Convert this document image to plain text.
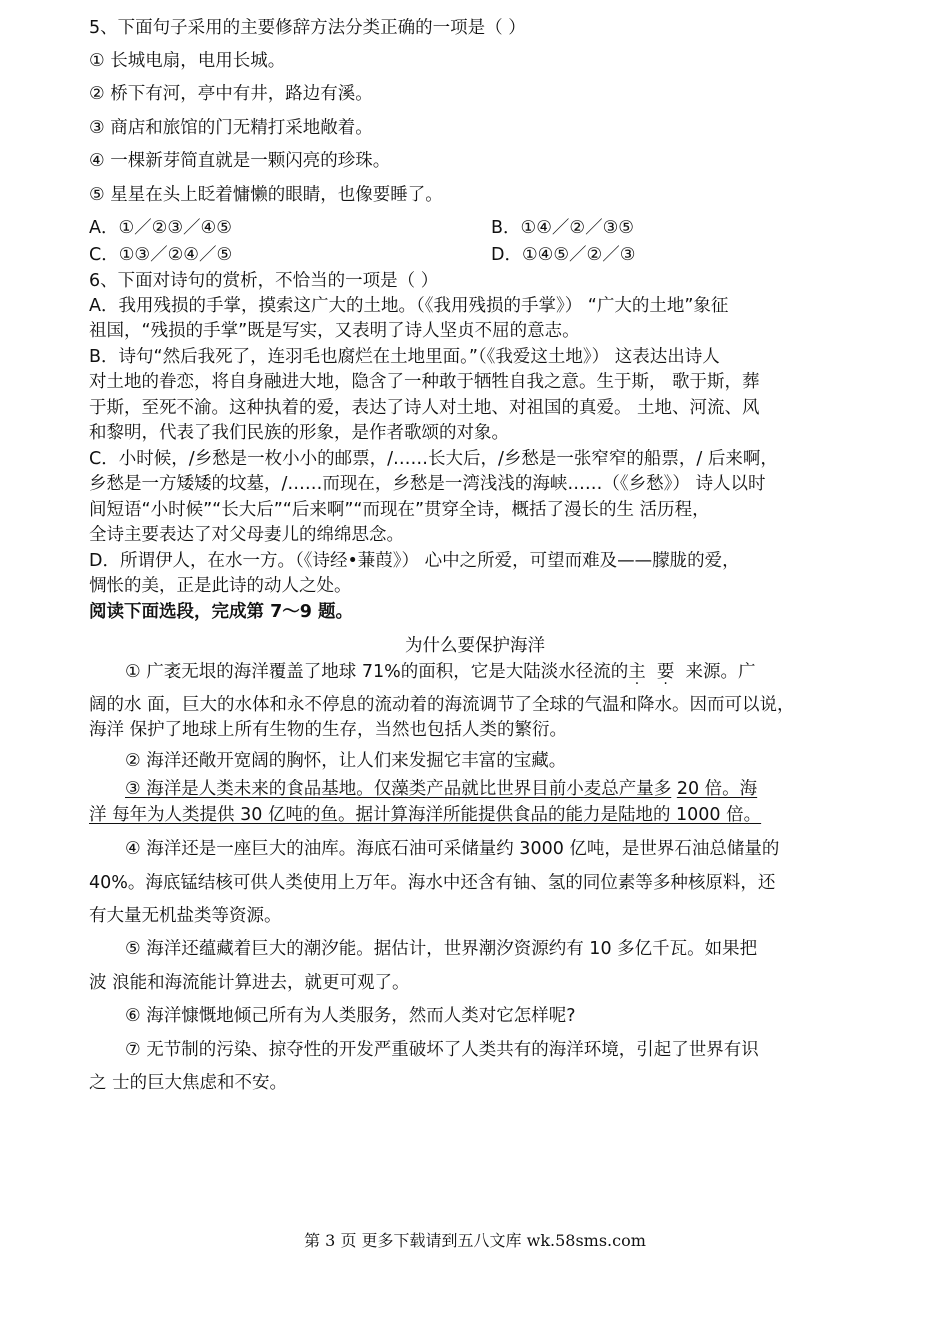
5、下面句子采用的主要修辞方法分类正确的一项是（ ）
① 长城电扇，电用长城。
② 桥下有河，亭中有井，路边有溪。
③ 商店和旅馆的门无精打采地敞着。
④ 一棵新芽简直就是一颗闪亮的珍珠。
⑤ 星星在头上眨着慵懒的眼睛，也像要睡了。
A．①／②③／④⑤	B．①④／②／③⑤
C．①③／②④／⑤	D．①④⑤／②／③
6、下面对诗句的赏析，不恰当的一项是（ ）
A．我用残损的手掌，摸索这广大的土地。（《我用残损的手掌》） “广大的土地”象征
祖国，“残损的手掌”既是写实，又表明了诗人坚贞不屈的意志。
B．诗句“然后我死了，连羽毛也腐烂在土地里面。”（《我爱这土地》） 这表达出诗人
对土地的眷恋，将自身融进大地，隐含了一种敢于牺牲自我之意。生于斯， 歌于斯，葬
于斯，至死不渝。这种执着的爱，表达了诗人对土地、对祖国的真爱。 土地、河流、风
和黎明，代表了我们民族的形象，是作者歌颂的对象。
C．小时候，/乡愁是一枚小小的邮票，/……长大后，/乡愁是一张窄窄的船票，/ 后来啊，
乡愁是一方矮矮的坟墓，/……而现在，乡愁是一湾浅浅的海峡……（《乡愁》） 诗人以时
间短语“小时候”“长大后”“后来啊”“而现在”贯穿全诗，概括了漫长的生 活历程，
全诗主要表达了对父母妻儿的绵绵思念。
D．所谓伊人，在水一方。（《诗经•蒹葭》） 心中之所爱，可望而难及——朦胧的爱，
惆怅的美，正是此诗的动人之处。
阅读下面选段，完成第 7～9 题。
为什么要保护海洋
① 广袤无垠的海洋覆盖了地球 71%的面积，它是大陆淡水径流的主 要 来源。广
阔的水 面，巨大的水体和永不停息的流动着的海流调节了全球的气温和降水。因而可以说，
海洋 保护了地球上所有生物的生存，当然也包括人类的繁衍。
② 海洋还敞开宽阔的胸怀，让人们来发掘它丰富的宝藏。
③ 海洋是人类未来的食品基地。仅藻类产品就比世界目前小麦总产量多 20 倍。海
洋 每年为人类提供 30 亿吨的鱼。据计算海洋所能提供食品的能力是陆地的 1000 倍。
④ 海洋还是一座巨大的油库。海底石油可采储量约 3000 亿吨，是世界石油总储量的
40%。海底锰结核可供人类使用上万年。海水中还含有铀、氢的同位素等多种核原料，还
有大量无机盐类等资源。
⑤ 海洋还蕴藏着巨大的潮汐能。据估计，世界潮汐资源约有 10 多亿千瓦。如果把
波 浪能和海流能计算进去，就更可观了。
⑥ 海洋慷慨地倾己所有为人类服务，然而人类对它怎样呢?
⑦ 无节制的污染、掠夺性的开发严重破坏了人类共有的海洋环境，引起了世界有识
之 士的巨大焦虑和不安。
第 3 页 更多下载请到五八文库 wk.58sms.com
